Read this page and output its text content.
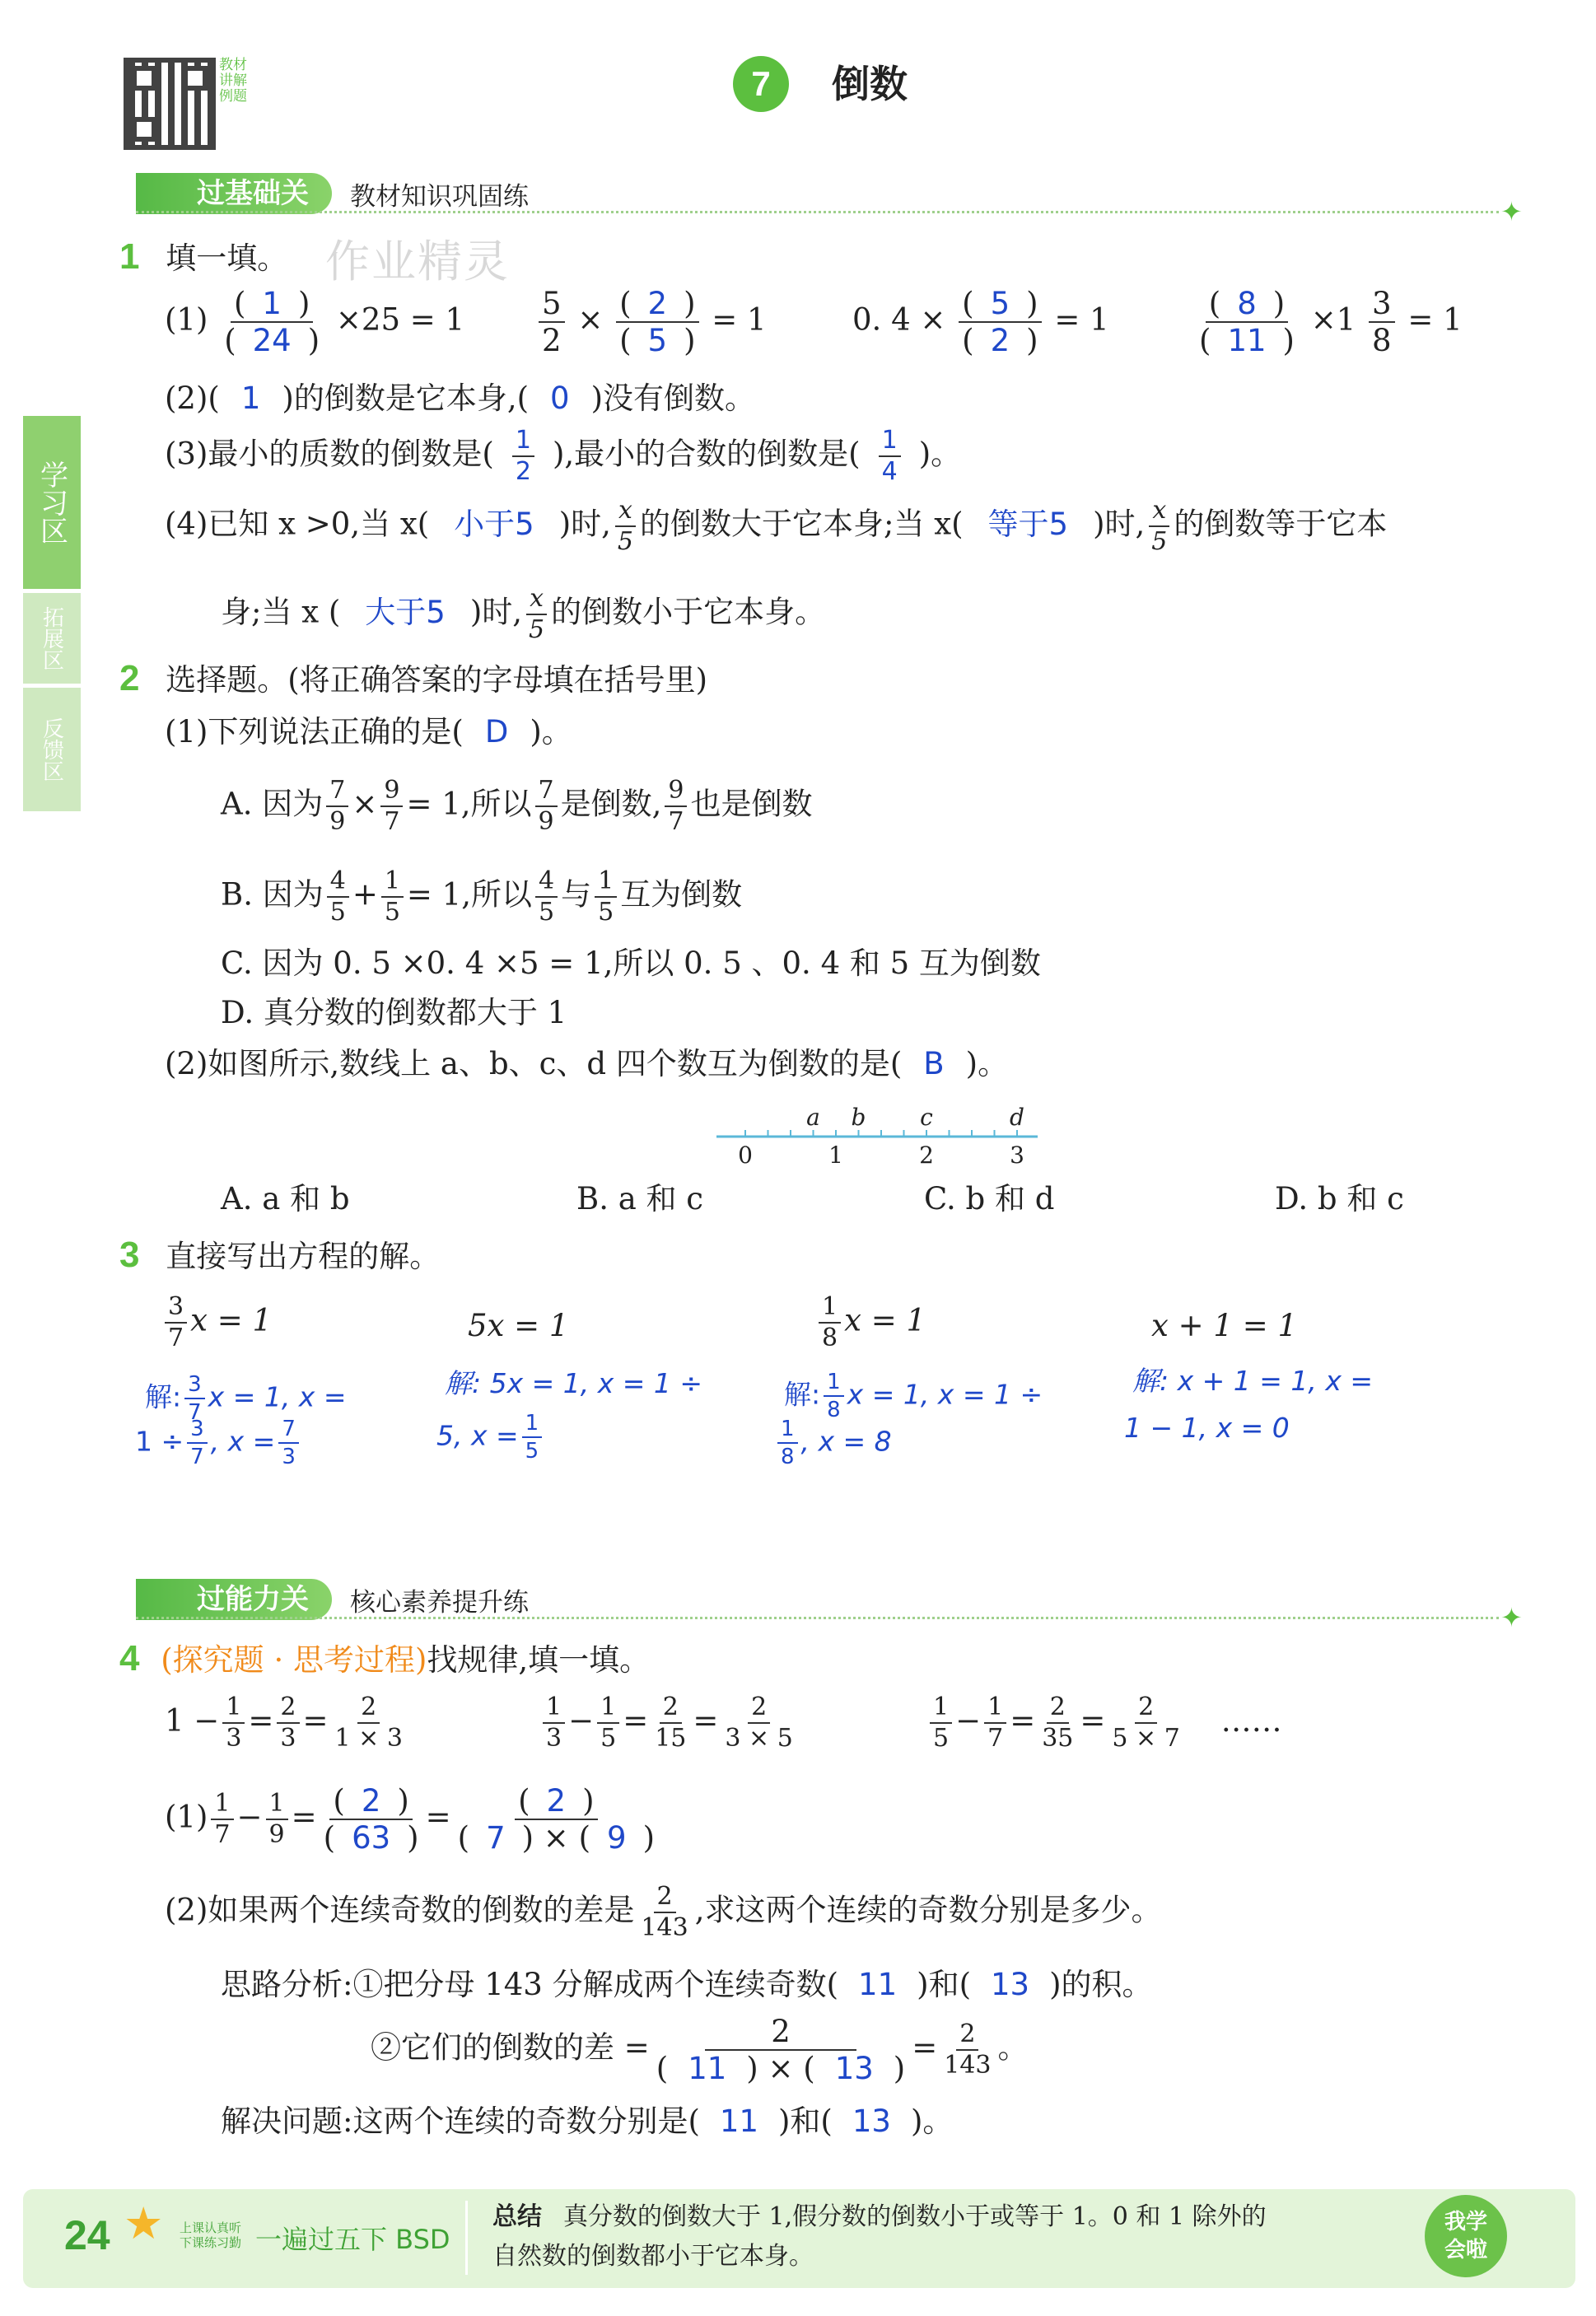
教材
讲解
例题	7	倒数
学习区
拓展区
反馈区
作业精灵
过基础关	教材知识巩固练	✦
1 填一填。
$(1) \frac{( 1 )}{( 24 )} \times 25 = 1 \frac{5}{2} \times \frac{( 2 )}{( 5 )} = 1$	0. $4 \times \frac{( 5 )}{( 2 )} = 1$	$\frac{( 8 )}{( 11 )} \times 1 \frac{3}{8} = 1$
(2)( 1 )的倒数是它本身,( 0 )没有倒数。
(3)最小的质数的倒数是( $\frac{1}{2}$ ),最小的合数的倒数是( $\frac{1}{4}$ )。
(4)已知 x >0,当 x( 小于5 )时, $\frac{x}{5}$ 的倒数大于它本身;当 x( 等于5 )时, $\frac{x}{5}$ 的倒数等于它本
身;当 x ( 大于5 )时, $\frac{x}{5}$ 的倒数小于它本身。
2 选择题。(将正确答案的字母填在括号里)
(1)下列说法正确的是( D )。
A. 因为 $\frac{7}{9} \times \frac{9}{7} = 1$,所以 $\frac{7}{9}$ 是倒数, $\frac{9}{7}$ 也是倒数
B. 因为 $\frac{4}{5} + \frac{1}{5} = 1$,所以 $\frac{4}{5}$ 与 $\frac{1}{5}$ 互为倒数
C. 因为 0. 5 ×0. 4 ×5 = 1,所以 0. 5 、0. 4 和 5 互为倒数
D. 真分数的倒数都大于 1
(2)如图所示,数线上 a、b、c、d 四个数互为倒数的是( B )。
0	1	2	3
a b c	d
A. a 和 b	B. a 和 c	C. b 和 d	D. b 和 c
3 直接写出方程的解。
$\frac{3}{7}$ x = 1
解: $\frac{3}{7}$ x = 1, x =
$1 \div \frac{3}{7}$ , $x = \frac{7}{3}$
5x = 1
解: 5x = 1, x = 1 ÷
5, $x = \frac{1}{5}$
$\frac{1}{8}$ x = 1
解: $\frac{1}{8}$ x = 1, x = 1 ÷
$\frac{1}{8}$ , x = 8
x + 1 = 1
解: x + 1 = 1, x =
1 − 1, x = 0
过能力关	核心素养提升练	✦
4 (探究题 · 思考过程)找规律,填一填。
$1 - \frac{1}{3} = \frac{2}{3} = \frac{2}{1 \times 3}$	$\frac{1}{3} - \frac{1}{5} = \frac{2}{15} = \frac{2}{3 \times 5}$	$\frac{1}{5} - \frac{1}{7} = \frac{2}{35} = \frac{2}{5 \times 7}$ ……
$(1) \frac{1}{7} - \frac{1}{9} = \frac{( 2 )}{( 63 )} = \frac{( 2 )}{( 7 ) \times ( 9 )}$
(2)如果两个连续奇数的倒数的差是 $\frac{2}{143}$ ,求这两个连续的奇数分别是多少。
思路分析:①把分母 143 分解成两个连续奇数( 11 )和( 13 )的积。
②它们的倒数的差 = $\frac{2}{( 11 ) \times ( 13 )} = \frac{2}{143}$ 。
解决问题:这两个连续的奇数分别是( 11 )和( 13 )。
24 ★ 上课认真听
下课练习勤 一遍过五下 BSD
总结 真分数的倒数大于 1,假分数的倒数小于或等于 1。0 和 1 除外的
自然数的倒数都小于它本身。
我学
会啦
